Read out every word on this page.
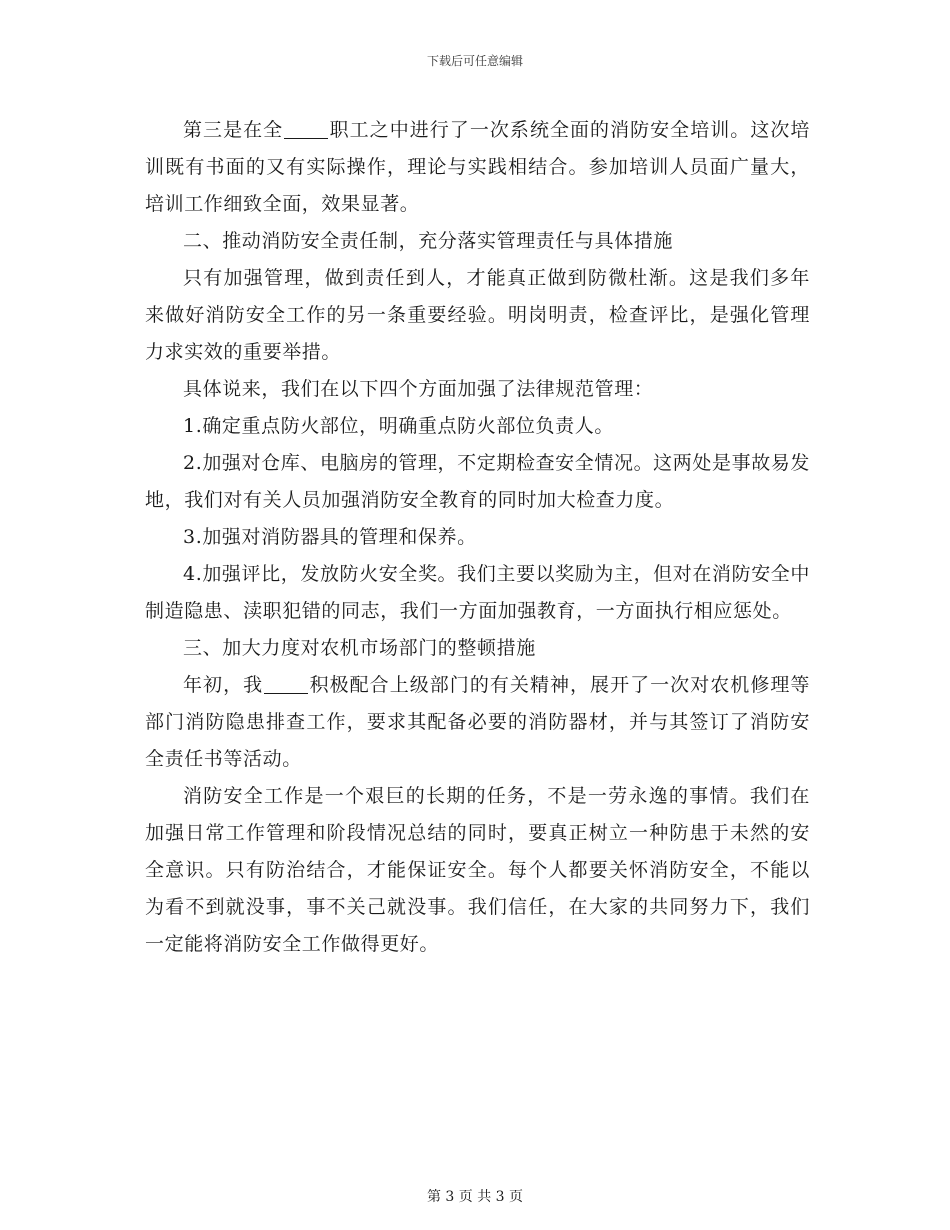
下载后可任意编辑

第三是在全 职工之中进行了一次系统全面的消防安全培训。这次培训既有书面的又有实际操作，理论与实践相结合。参加培训人员面广量大，培训工作细致全面，效果显著。

二、推动消防安全责任制，充分落实管理责任与具体措施

只有加强管理，做到责任到人，才能真正做到防微杜渐。这是我们多年来做好消防安全工作的另一条重要经验。明岗明责，检查评比，是强化管理力求实效的重要举措。

具体说来，我们在以下四个方面加强了法律规范管理：

1.确定重点防火部位，明确重点防火部位负责人。

2.加强对仓库、电脑房的管理，不定期检查安全情况。这两处是事故易发地，我们对有关人员加强消防安全教育的同时加大检查力度。

3.加强对消防器具的管理和保养。

4.加强评比，发放防火安全奖。我们主要以奖励为主，但对在消防安全中制造隐患、渎职犯错的同志，我们一方面加强教育，一方面执行相应惩处。

三、加大力度对农机市场部门的整顿措施

年初，我 积极配合上级部门的有关精神，展开了一次对农机修理等部门消防隐患排查工作，要求其配备必要的消防器材，并与其签订了消防安全责任书等活动。

消防安全工作是一个艰巨的长期的任务，不是一劳永逸的事情。我们在加强日常工作管理和阶段情况总结的同时，要真正树立一种防患于未然的安全意识。只有防治结合，才能保证安全。每个人都要关怀消防安全，不能以为看不到就没事，事不关己就没事。我们信任，在大家的共同努力下，我们一定能将消防安全工作做得更好。

第 3 页 共 3 页
